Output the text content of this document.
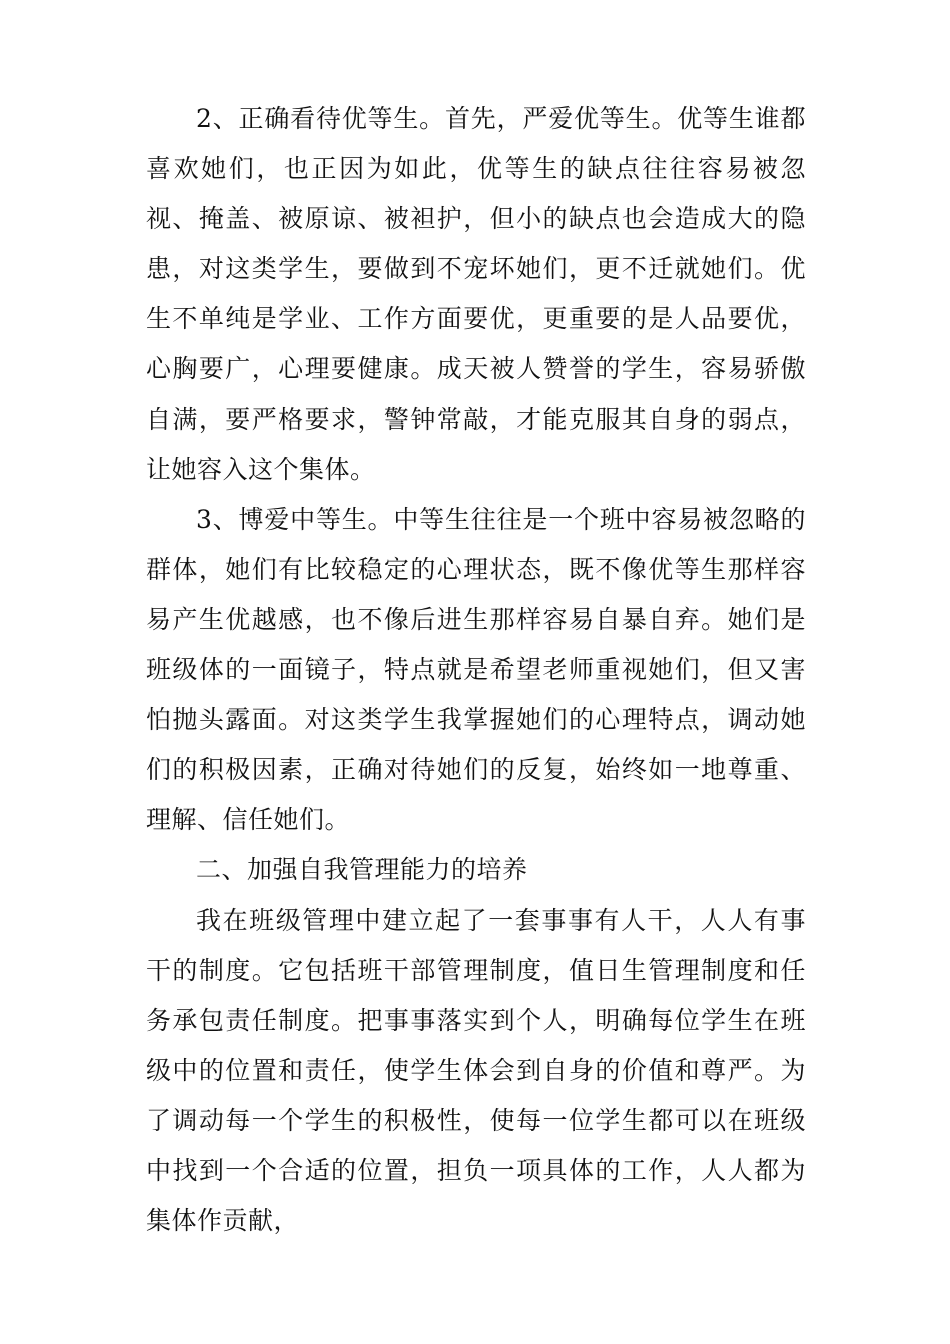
2、正确看待优等生。首先，严爱优等生。优等生谁都喜欢她们，也正因为如此，优等生的缺点往往容易被忽视、掩盖、被原谅、被袒护，但小的缺点也会造成大的隐患，对这类学生，要做到不宠坏她们，更不迁就她们。优生不单纯是学业、工作方面要优，更重要的是人品要优，心胸要广，心理要健康。成天被人赞誉的学生，容易骄傲自满，要严格要求，警钟常敲，才能克服其自身的弱点，让她容入这个集体。

3、博爱中等生。中等生往往是一个班中容易被忽略的群体，她们有比较稳定的心理状态，既不像优等生那样容易产生优越感，也不像后进生那样容易自暴自弃。她们是班级体的一面镜子，特点就是希望老师重视她们，但又害怕抛头露面。对这类学生我掌握她们的心理特点，调动她们的积极因素，正确对待她们的反复，始终如一地尊重、理解、信任她们。

二、加强自我管理能力的培养

我在班级管理中建立起了一套事事有人干，人人有事干的制度。它包括班干部管理制度，值日生管理制度和任务承包责任制度。把事事落实到个人，明确每位学生在班级中的位置和责任，使学生体会到自身的价值和尊严。为了调动每一个学生的积极性，使每一位学生都可以在班级中找到一个合适的位置，担负一项具体的工作，人人都为集体作贡献，
